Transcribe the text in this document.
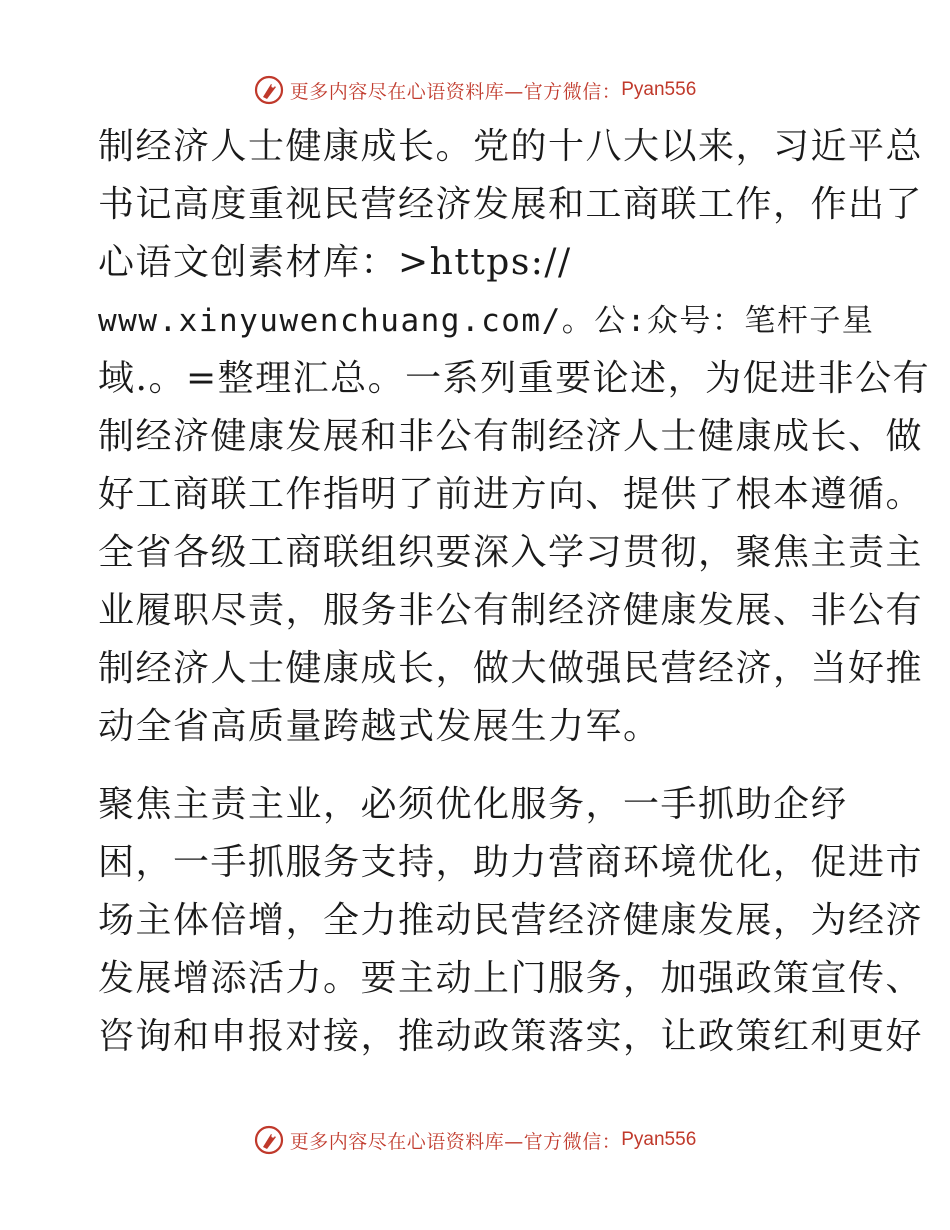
更多内容尽在心语资料库—官方微信： Pyan556
制经济人士健康成长。党的十八大以来，习近平总
书记高度重视民营经济发展和工商联工作，作出了
心语文创素材库：>https://
www.xinyuwenchuang.com/。公:众号：笔杆子星
域.。=整理汇总。一系列重要论述，为促进非公有
制经济健康发展和非公有制经济人士健康成长、做
好工商联工作指明了前进方向、提供了根本遵循。
全省各级工商联组织要深入学习贯彻，聚焦主责主
业履职尽责，服务非公有制经济健康发展、非公有
制经济人士健康成长，做大做强民营经济，当好推
动全省高质量跨越式发展生力军。
聚焦主责主业，必须优化服务，一手抓助企纾
困，一手抓服务支持，助力营商环境优化，促进市
场主体倍增，全力推动民营经济健康发展，为经济
发展增添活力。要主动上门服务，加强政策宣传、
咨询和申报对接，推动政策落实，让政策红利更好
更多内容尽在心语资料库—官方微信： Pyan556
